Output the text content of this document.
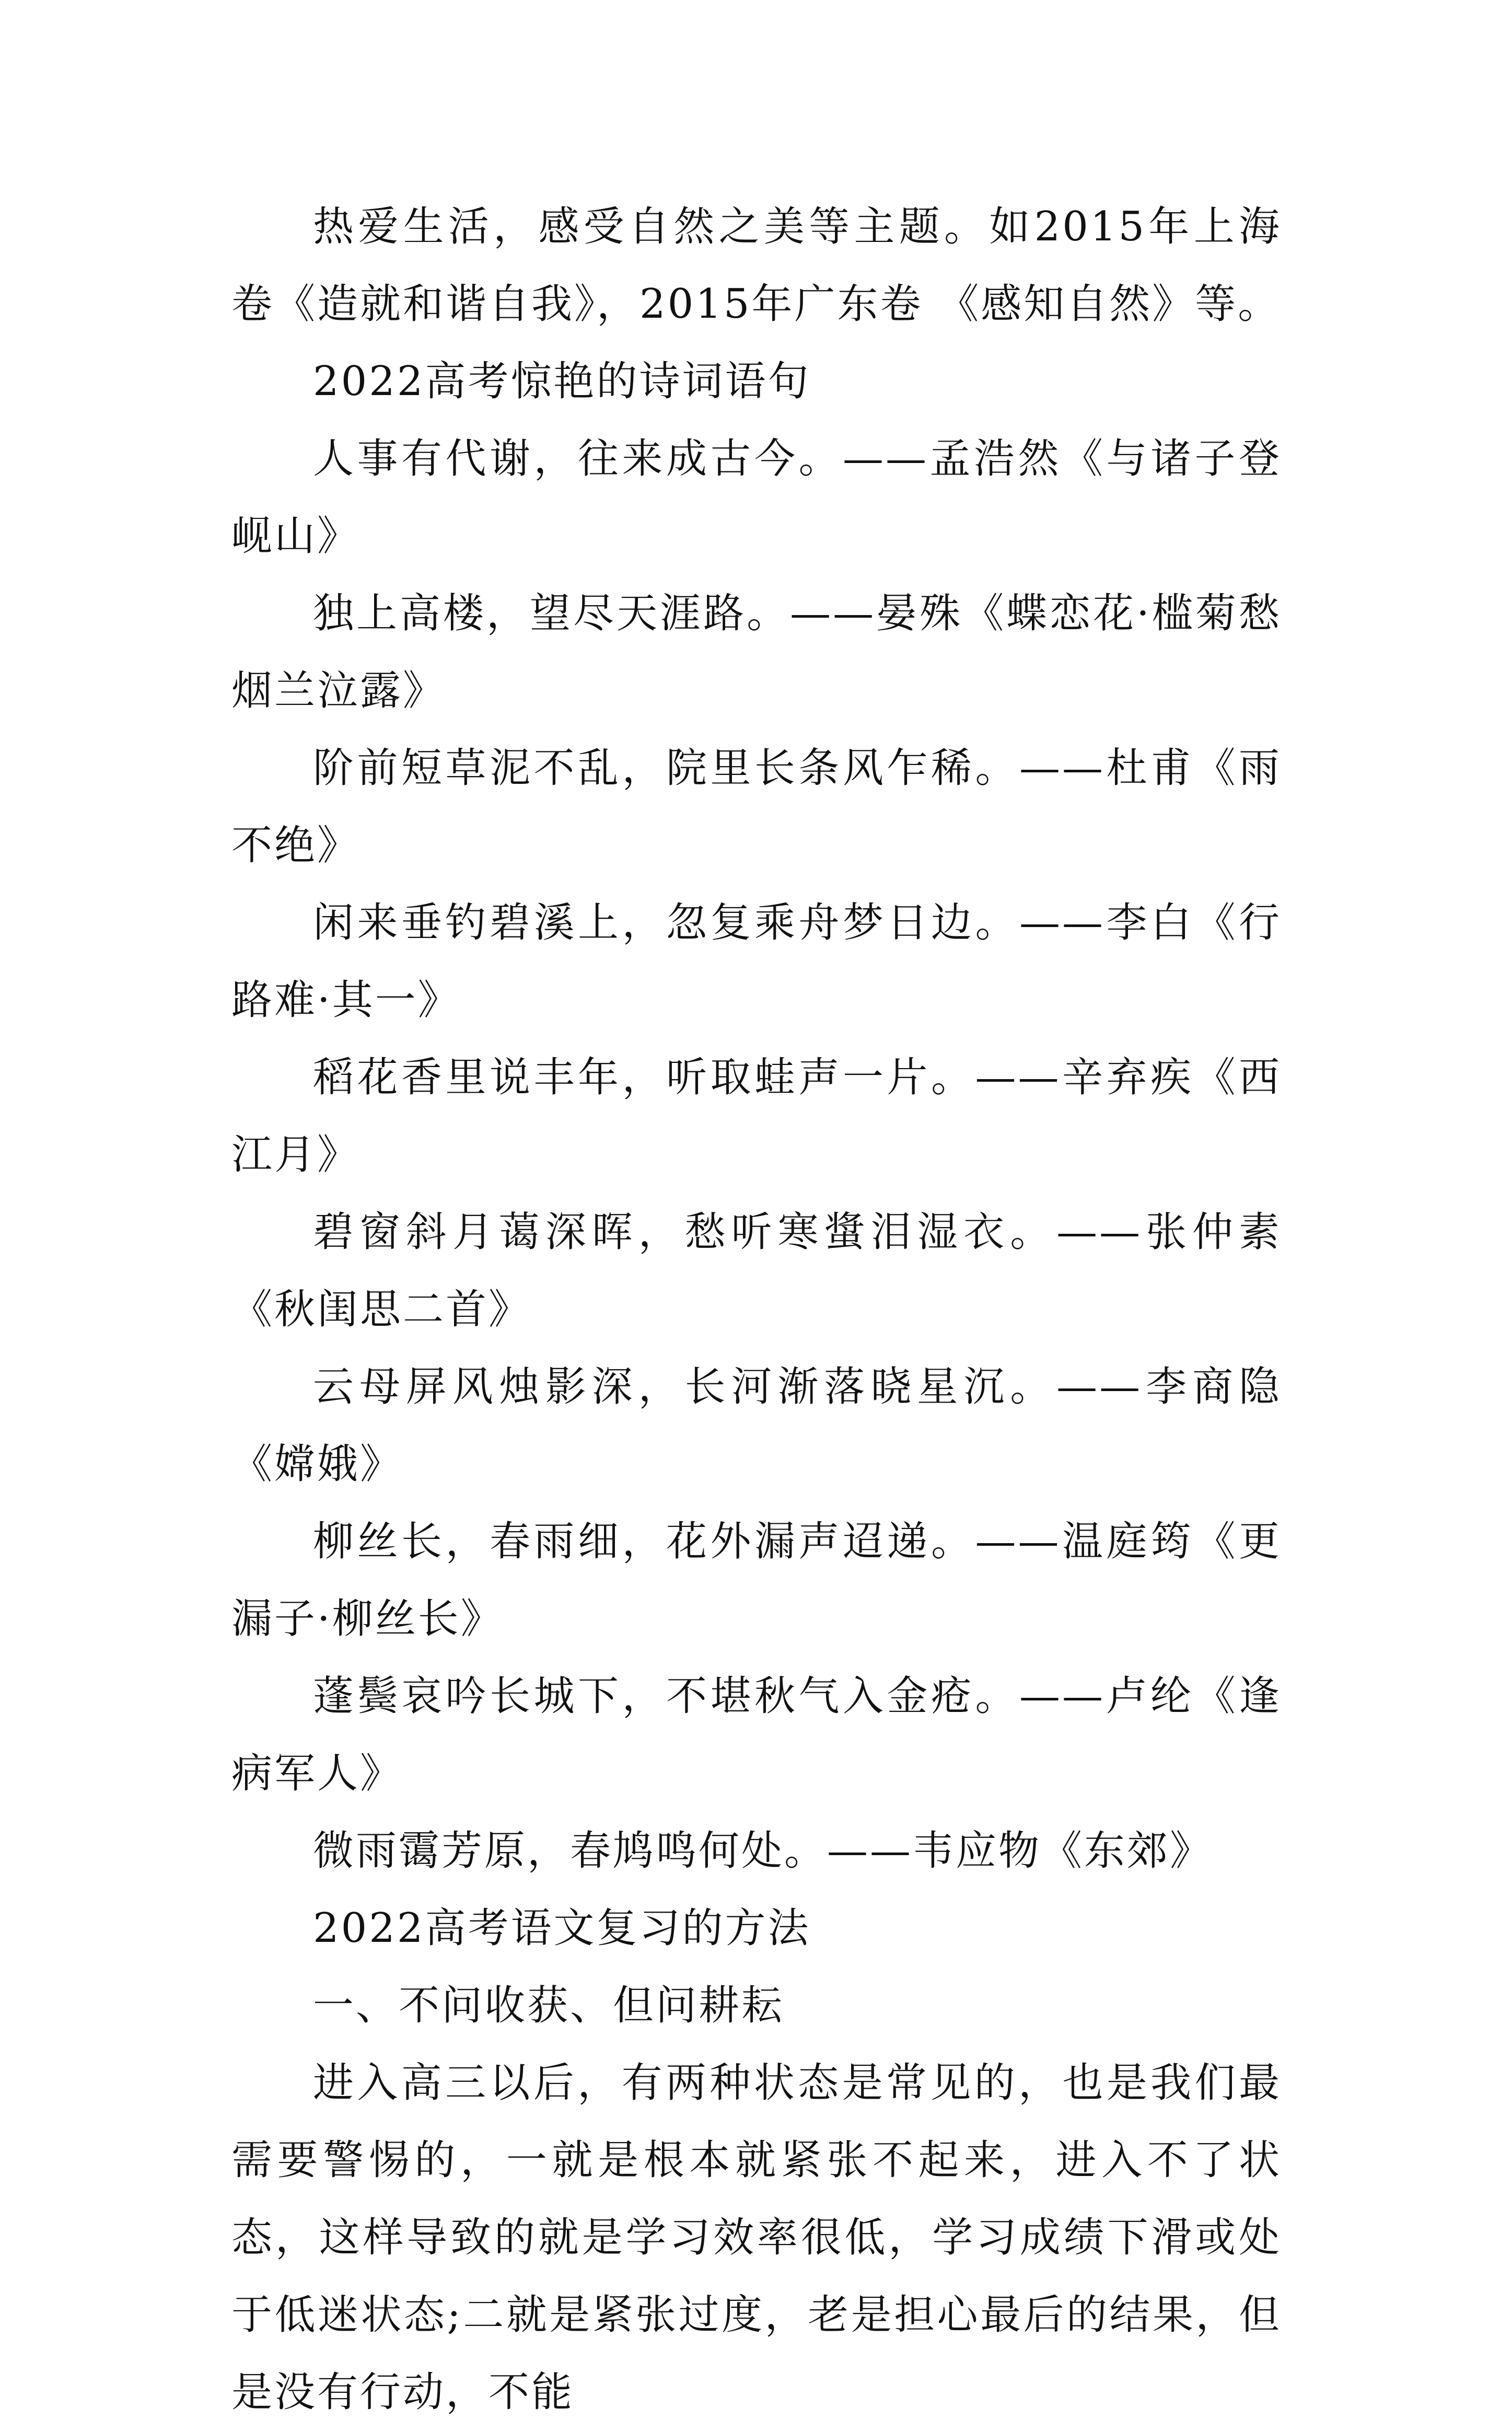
热爱生活，感受自然之美等主题。如2015年上海卷《造就和谐自我》，2015年广东卷 《感知自然》等。

2022高考惊艳的诗词语句

人事有代谢，往来成古今。——孟浩然《与诸子登岘山》

独上高楼，望尽天涯路。——晏殊《蝶恋花·槛菊愁烟兰泣露》

阶前短草泥不乱，院里长条风乍稀。——杜甫《雨不绝》

闲来垂钓碧溪上，忽复乘舟梦日边。——李白《行路难·其一》

稻花香里说丰年，听取蛙声一片。——辛弃疾《西江月》

碧窗斜月蔼深晖，愁听寒螀泪湿衣。——张仲素《秋闺思二首》

云母屏风烛影深，长河渐落晓星沉。——李商隐《嫦娥》

柳丝长，春雨细，花外漏声迢递。——温庭筠《更漏子·柳丝长》

蓬鬓哀吟长城下，不堪秋气入金疮。——卢纶《逢病军人》

微雨霭芳原，春鸠鸣何处。——韦应物《东郊》

2022高考语文复习的方法

一、不问收获、但问耕耘

进入高三以后，有两种状态是常见的，也是我们最需要警惕的，一就是根本就紧张不起来，进入不了状态，这样导致的就是学习效率很低，学习成绩下滑或处于低迷状态;二就是紧张过度，老是担心最后的结果，但是没有行动，不能
